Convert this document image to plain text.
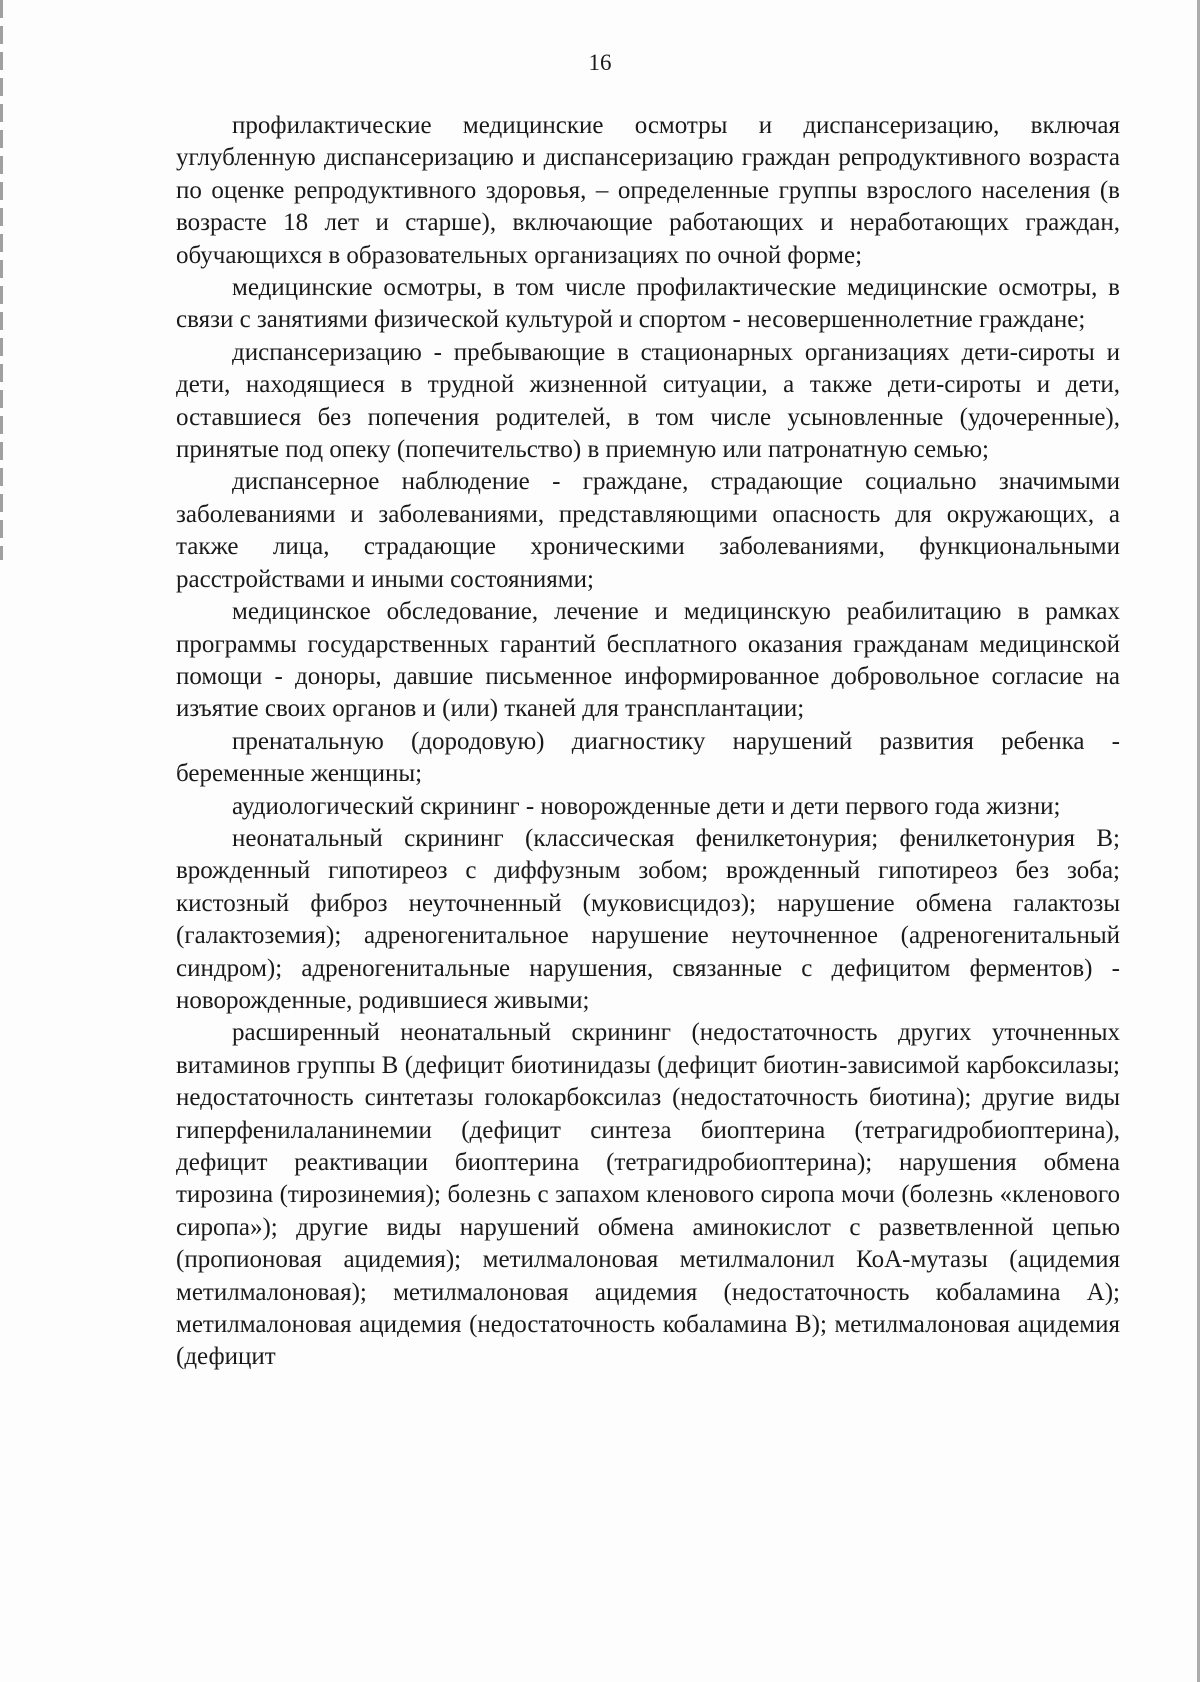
16

профилактические медицинские осмотры и диспансеризацию, включая углубленную диспансеризацию и диспансеризацию граждан репродуктивного возраста по оценке репродуктивного здоровья, – определенные группы взрослого населения (в возрасте 18 лет и старше), включающие работающих и неработающих граждан, обучающихся в образовательных организациях по очной форме;

медицинские осмотры, в том числе профилактические медицинские осмотры, в связи с занятиями физической культурой и спортом - несовершеннолетние граждане;

диспансеризацию - пребывающие в стационарных организациях дети-сироты и дети, находящиеся в трудной жизненной ситуации, а также дети-сироты и дети, оставшиеся без попечения родителей, в том числе усыновленные (удочеренные), принятые под опеку (попечительство) в приемную или патронатную семью;

диспансерное наблюдение - граждане, страдающие социально значимыми заболеваниями и заболеваниями, представляющими опасность для окружающих, а также лица, страдающие хроническими заболеваниями, функциональными расстройствами и иными состояниями;

медицинское обследование, лечение и медицинскую реабилитацию в рамках программы государственных гарантий бесплатного оказания гражданам медицинской помощи - доноры, давшие письменное информированное добровольное согласие на изъятие своих органов и (или) тканей для трансплантации;

пренатальную (дородовую) диагностику нарушений развития ребенка - беременные женщины;

аудиологический скрининг - новорожденные дети и дети первого года жизни;

неонатальный скрининг (классическая фенилкетонурия; фенилкетонурия B; врожденный гипотиреоз с диффузным зобом; врожденный гипотиреоз без зоба; кистозный фиброз неуточненный (муковисцидоз); нарушение обмена галактозы (галактоземия); адреногенитальное нарушение неуточненное (адреногенитальный синдром); адреногенитальные нарушения, связанные с дефицитом ферментов) - новорожденные, родившиеся живыми;

расширенный неонатальный скрининг (недостаточность других уточненных витаминов группы B (дефицит биотинидазы (дефицит биотин-зависимой карбоксилазы; недостаточность синтетазы голокарбоксилаз (недостаточность биотина); другие виды гиперфенилаланинемии (дефицит синтеза биоптерина (тетрагидробиоптерина), дефицит реактивации биоптерина (тетрагидробиоптерина); нарушения обмена тирозина (тирозинемия); болезнь с запахом кленового сиропа мочи (болезнь «кленового сиропа»); другие виды нарушений обмена аминокислот с разветвленной цепью (пропионовая ацидемия); метилмалоновая метилмалонил КоА-мутазы (ацидемия метилмалоновая); метилмалоновая ацидемия (недостаточность кобаламина A); метилмалоновая ацидемия (недостаточность кобаламина B); метилмалоновая ацидемия (дефицит
